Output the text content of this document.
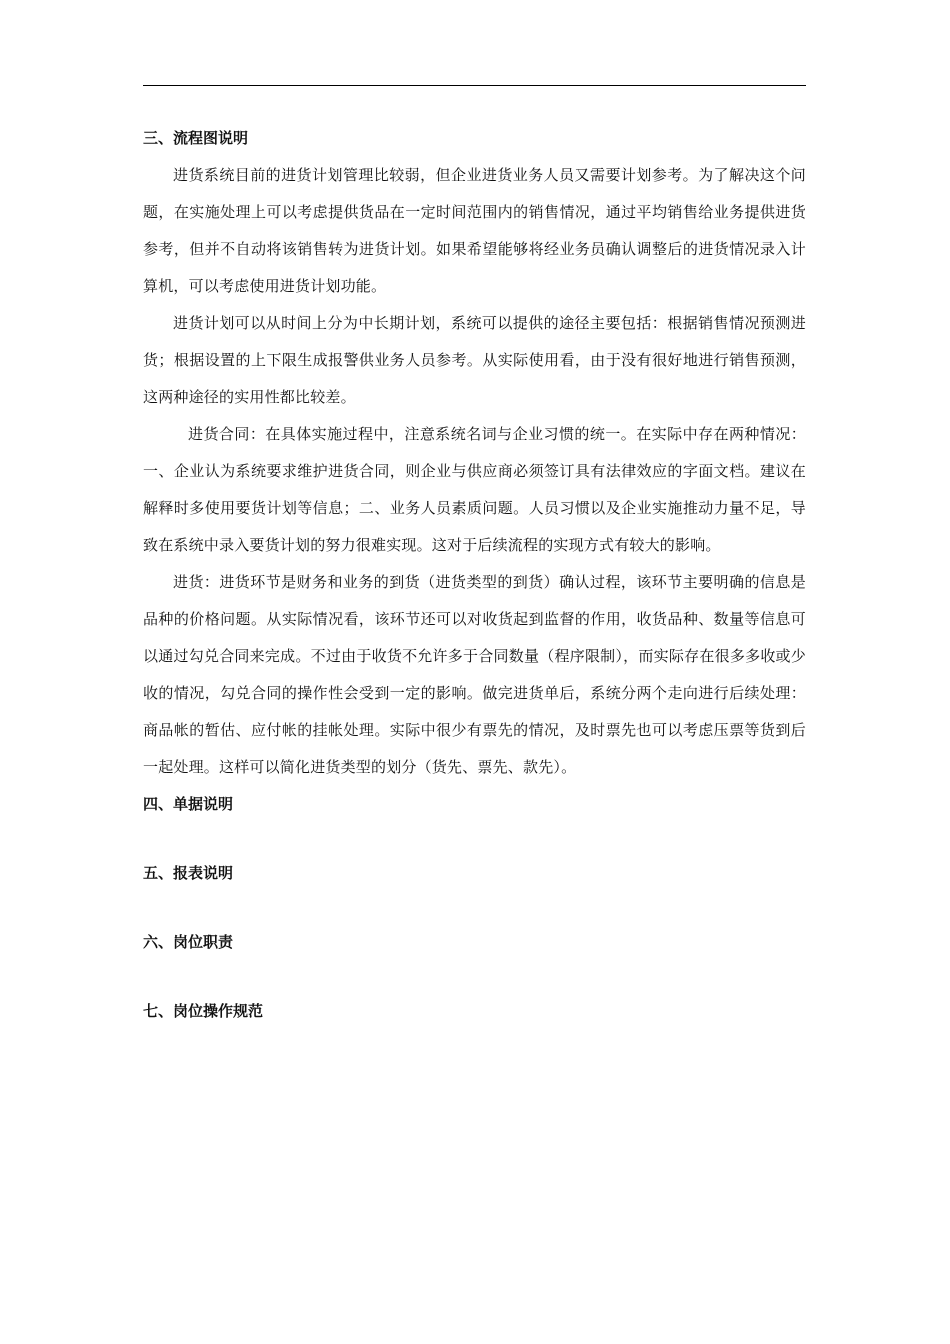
三、流程图说明

进货系统目前的进货计划管理比较弱，但企业进货业务人员又需要计划参考。为了解决这个问题，在实施处理上可以考虑提供货品在一定时间范围内的销售情况，通过平均销售给业务提供进货参考，但并不自动将该销售转为进货计划。如果希望能够将经业务员确认调整后的进货情况录入计算机，可以考虑使用进货计划功能。

进货计划可以从时间上分为中长期计划，系统可以提供的途径主要包括：根据销售情况预测进货；根据设置的上下限生成报警供业务人员参考。从实际使用看，由于没有很好地进行销售预测，这两种途径的实用性都比较差。

进货合同：在具体实施过程中，注意系统名词与企业习惯的统一。在实际中存在两种情况：一、企业认为系统要求维护进货合同，则企业与供应商必须签订具有法律效应的字面文档。建议在解释时多使用要货计划等信息；二、业务人员素质问题。人员习惯以及企业实施推动力量不足，导致在系统中录入要货计划的努力很难实现。这对于后续流程的实现方式有较大的影响。

进货：进货环节是财务和业务的到货（进货类型的到货）确认过程，该环节主要明确的信息是品种的价格问题。从实际情况看，该环节还可以对收货起到监督的作用，收货品种、数量等信息可以通过勾兑合同来完成。不过由于收货不允许多于合同数量（程序限制），而实际存在很多多收或少收的情况，勾兑合同的操作性会受到一定的影响。做完进货单后，系统分两个走向进行后续处理：商品帐的暂估、应付帐的挂帐处理。实际中很少有票先的情况，及时票先也可以考虑压票等货到后一起处理。这样可以简化进货类型的划分（货先、票先、款先）。

四、单据说明
五、报表说明
六、岗位职责
七、岗位操作规范
